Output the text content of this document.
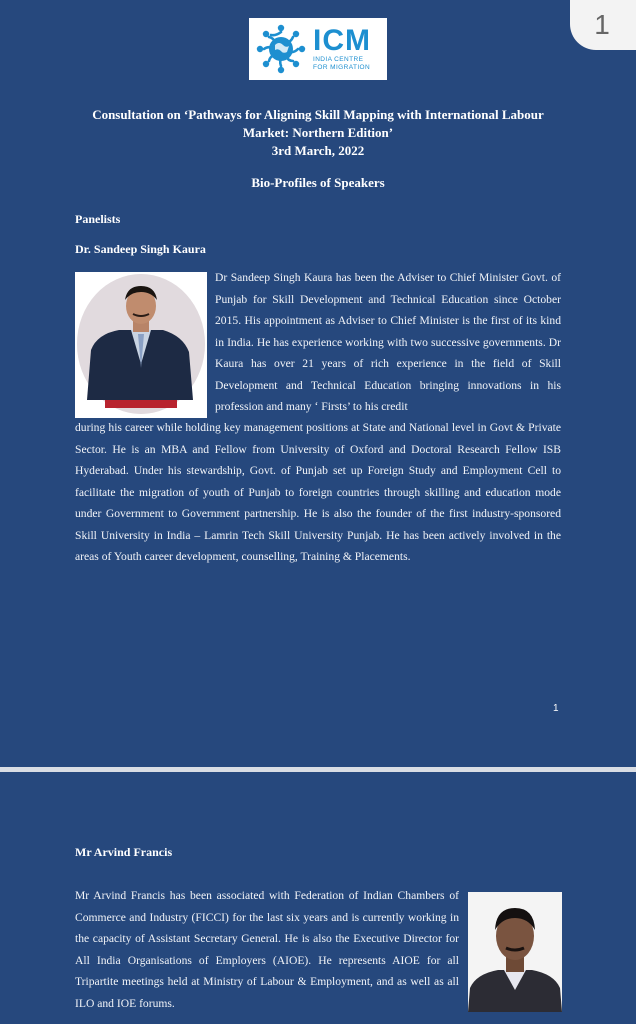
1
ICM
INDIA CENTRE
FOR MIGRATION
Consultation on ‘Pathways for Aligning Skill Mapping with International Labour
Market: Northern Edition’
3rd March, 2022
Bio-Profiles of Speakers
Panelists
Dr. Sandeep Singh Kaura
Dr Sandeep Singh Kaura has been the Adviser to Chief Minister Govt. of Punjab for Skill Development and Technical Education since October 2015. His appointment as Adviser to Chief Minister is the first of its kind in India. He has experience working with two successive governments. Dr Kaura has over 21 years of rich experience in the field of Skill Development and Technical Education bringing innovations in his profession and many ‘ Firsts’ to his credit
during his career while holding key management positions at State and National level in Govt & Private Sector. He is an MBA and Fellow from University of Oxford and Doctoral Research Fellow ISB Hyderabad. Under his stewardship, Govt. of Punjab set up Foreign Study and Employment Cell to facilitate the migration of youth of Punjab to foreign countries through skilling and education mode under Government to Government partnership. He is also the founder of the first industry-sponsored Skill University in India – Lamrin Tech Skill University Punjab. He has been actively involved in the areas of Youth career development, counselling, Training & Placements.
1
Mr Arvind Francis
Mr Arvind Francis has been associated with Federation of Indian Chambers of Commerce and Industry (FICCI) for the last six years and is currently working in the capacity of Assistant Secretary General. He is also the Executive Director for All India Organisations of Employers (AIOE). He represents AIOE for all Tripartite meetings held at Ministry of Labour & Employment, and as well as all ILO and IOE forums.
